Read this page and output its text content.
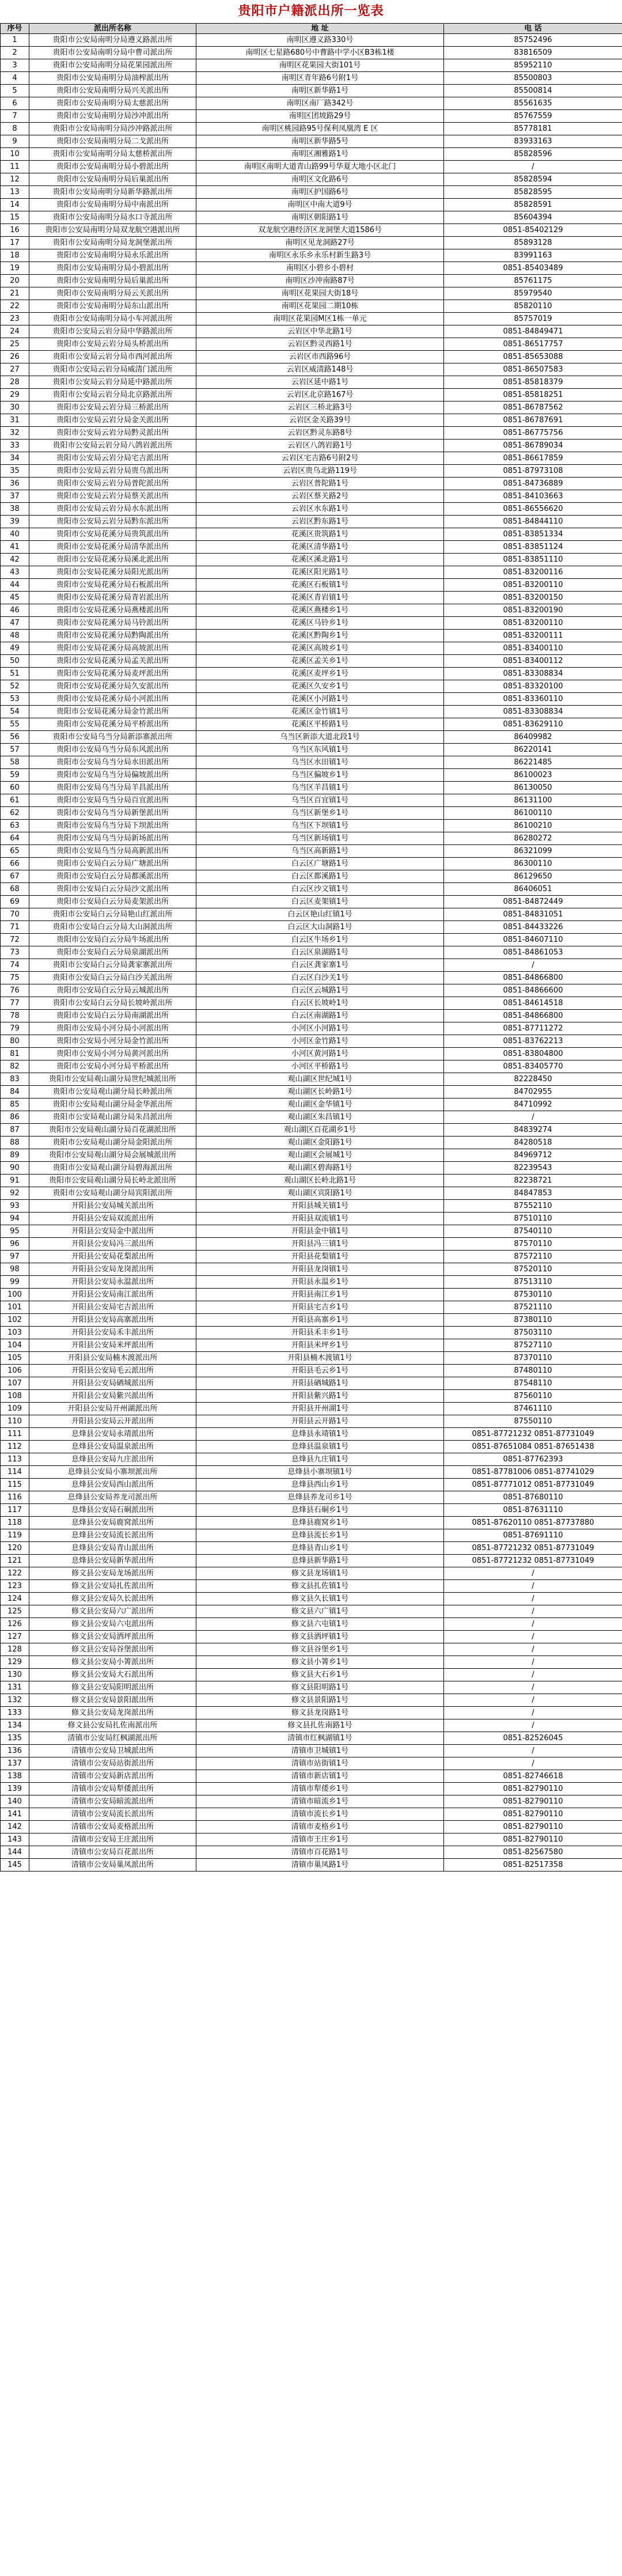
贵阳市户籍派出所一览表
序号	派出所名称	地 址	电 话
1	贵阳市公安局南明分局遵义路派出所	南明区遵义路330号	85752496
2	贵阳市公安局南明分局中曹司派出所	南明区七星路680号中曹路中学小区B3栋1楼	83816509
3	贵阳市公安局南明分局花果园派出所	南明区花果园大街101号	85952110
4	贵阳市公安局南明分局油榨派出所	南明区青年路6号附1号	85500803
5	贵阳市公安局南明分局兴关派出所	南明区新华路1号	85500814
6	贵阳市公安局南明分局太慈派出所	南明区南厂路342号	85561635
7	贵阳市公安局南明分局沙冲派出所	南明区团坡路29号	85767559
8	贵阳市公安局南明分局沙冲路派出所	南明区桃园路95号保利凤凰湾 E 区	85778181
9	贵阳市公安局南明分局二戈派出所	南明区新华路5号	83933163
10	贵阳市公安局南明分局太慈桥派出所	南明区湘雅路1号	85828596
11	贵阳市公安局南明分局小碧派出所	南明区南明大道青山路99号华夏大地小区北门	/
12	贵阳市公安局南明分局后巢派出所	南明区文化路6号	85828594
13	贵阳市公安局南明分局新华路派出所	南明区护国路6号	85828595
14	贵阳市公安局南明分局中南派出所	南明区中南大道9号	85828591
15	贵阳市公安局南明分局水口寺派出所	南明区朝阳路1号	85604394
16	贵阳市公安局南明分局双龙航空港派出所	双龙航空港经济区龙洞堡大道1586号	0851-85402129
17	贵阳市公安局南明分局龙洞堡派出所	南明区见龙洞路27号	85893128
18	贵阳市公安局南明分局永乐派出所	南明区永乐乡永乐村新生路3号	83991163
19	贵阳市公安局南明分局小碧派出所	南明区小碧乡小碧村	0851-85403489
20	贵阳市公安局南明分局后巢派出所	南明区沙冲南路87号	85761175
21	贵阳市公安局南明分局云关派出所	南明区花果园大街18号	85979540
22	贵阳市公安局南明分局东山派出所	南明区花果园二期10栋	85820110
23	贵阳市公安局南明分局小车河派出所	南明区花果园M区1栋一单元	85757019
24	贵阳市公安局云岩分局中华路派出所	云岩区中华北路1号	0851-84849471
25	贵阳市公安局云岩分局头桥派出所	云岩区黔灵西路1号	0851-86517757
26	贵阳市公安局云岩分局市西河派出所	云岩区市西路96号	0851-85653088
27	贵阳市公安局云岩分局威清门派出所	云岩区威清路148号	0851-86507583
28	贵阳市公安局云岩分局延中路派出所	云岩区延中路1号	0851-85818379
29	贵阳市公安局云岩分局北京路派出所	云岩区北京路167号	0851-85818251
30	贵阳市公安局云岩分局三桥派出所	云岩区三桥北路3号	0851-86787562
31	贵阳市公安局云岩分局金关派出所	云岩区金关路39号	0851-86787691
32	贵阳市公安局云岩分局黔灵派出所	云岩区黔灵东路8号	0851-86775756
33	贵阳市公安局云岩分局八鸽岩派出所	云岩区八鸽岩路1号	0851-86789034
34	贵阳市公安局云岩分局宅吉派出所	云岩区宅吉路6号附2号	0851-86617859
35	贵阳市公安局云岩分局贵乌派出所	云岩区贵乌北路119号	0851-87973108
36	贵阳市公安局云岩分局普陀派出所	云岩区普陀路1号	0851-84736889
37	贵阳市公安局云岩分局蔡关派出所	云岩区蔡关路2号	0851-84103663
38	贵阳市公安局云岩分局水东派出所	云岩区水东路1号	0851-86556620
39	贵阳市公安局云岩分局黔东派出所	云岩区黔东路1号	0851-84844110
40	贵阳市公安局花溪分局贵筑派出所	花溪区贵筑路1号	0851-83851334
41	贵阳市公安局花溪分局清华派出所	花溪区清华路1号	0851-83851124
42	贵阳市公安局花溪分局溪北派出所	花溪区溪北路1号	0851-83851110
43	贵阳市公安局花溪分局阳光派出所	花溪区阳光路1号	0851-83200116
44	贵阳市公安局花溪分局石板派出所	花溪区石板镇1号	0851-83200110
45	贵阳市公安局花溪分局青岩派出所	花溪区青岩镇1号	0851-83200150
46	贵阳市公安局花溪分局燕楼派出所	花溪区燕楼乡1号	0851-83200190
47	贵阳市公安局花溪分局马铃派出所	花溪区马铃乡1号	0851-83200110
48	贵阳市公安局花溪分局黔陶派出所	花溪区黔陶乡1号	0851-83200111
49	贵阳市公安局花溪分局高坡派出所	花溪区高坡乡1号	0851-83400110
50	贵阳市公安局花溪分局孟关派出所	花溪区孟关乡1号	0851-83400112
51	贵阳市公安局花溪分局麦坪派出所	花溪区麦坪乡1号	0851-83308834
52	贵阳市公安局花溪分局久安派出所	花溪区久安乡1号	0851-83320100
53	贵阳市公安局花溪分局小河派出所	花溪区小河路1号	0851-83360110
54	贵阳市公安局花溪分局金竹派出所	花溪区金竹镇1号	0851-83308834
55	贵阳市公安局花溪分局平桥派出所	花溪区平桥路1号	0851-83629110
56	贵阳市公安局乌当分局新添寨派出所	乌当区新添大道北段1号	86409982
57	贵阳市公安局乌当分局东风派出所	乌当区东风镇1号	86220141
58	贵阳市公安局乌当分局水田派出所	乌当区水田镇1号	86221485
59	贵阳市公安局乌当分局偏坡派出所	乌当区偏坡乡1号	86100023
60	贵阳市公安局乌当分局羊昌派出所	乌当区羊昌镇1号	86130050
61	贵阳市公安局乌当分局百宜派出所	乌当区百宜镇1号	86131100
62	贵阳市公安局乌当分局新堡派出所	乌当区新堡乡1号	86100110
63	贵阳市公安局乌当分局下坝派出所	乌当区下坝镇1号	86100210
64	贵阳市公安局乌当分局新场派出所	乌当区新场镇1号	86280272
65	贵阳市公安局乌当分局高新派出所	乌当区高新路1号	86321099
66	贵阳市公安局白云分局广塘派出所	白云区广塘路1号	86300110
67	贵阳市公安局白云分局都溪派出所	白云区都溪路1号	86129650
68	贵阳市公安局白云分局沙文派出所	白云区沙文镇1号	86406051
69	贵阳市公安局白云分局麦架派出所	白云区麦架镇1号	0851-84872449
70	贵阳市公安局白云分局艳山红派出所	白云区艳山红镇1号	0851-84831051
71	贵阳市公安局白云分局大山洞派出所	白云区大山洞路1号	0851-84433226
72	贵阳市公安局白云分局牛场派出所	白云区牛场乡1号	0851-84607110
73	贵阳市公安局白云分局泉湖派出所	白云区泉湖路1号	0851-84861053
74	贵阳市公安局白云分局龚家寨派出所	白云区龚家寨1号	/
75	贵阳市公安局白云分局白沙关派出所	白云区白沙关1号	0851-84866800
76	贵阳市公安局白云分局云城派出所	白云区云城路1号	0851-84866600
77	贵阳市公安局白云分局长坡岭派出所	白云区长坡岭1号	0851-84614518
78	贵阳市公安局白云分局南湖派出所	白云区南湖路1号	0851-84866800
79	贵阳市公安局小河分局小河派出所	小河区小河路1号	0851-87711272
80	贵阳市公安局小河分局金竹派出所	小河区金竹路1号	0851-83762213
81	贵阳市公安局小河分局黄河派出所	小河区黄河路1号	0851-83804800
82	贵阳市公安局小河分局平桥派出所	小河区平桥路1号	0851-83405770
83	贵阳市公安局观山湖分局世纪城派出所	观山湖区世纪城1号	82228450
84	贵阳市公安局观山湖分局长岭派出所	观山湖区长岭路1号	84702955
85	贵阳市公安局观山湖分局金华派出所	观山湖区金华镇1号	84710992
86	贵阳市公安局观山湖分局朱昌派出所	观山湖区朱昌镇1号	/
87	贵阳市公安局观山湖分局百花湖派出所	观山湖区百花湖乡1号	84839274
88	贵阳市公安局观山湖分局金阳派出所	观山湖区金阳路1号	84280518
89	贵阳市公安局观山湖分局会展城派出所	观山湖区会展城1号	84969712
90	贵阳市公安局观山湖分局碧海派出所	观山湖区碧海路1号	82239543
91	贵阳市公安局观山湖分局长岭北派出所	观山湖区长岭北路1号	82238721
92	贵阳市公安局观山湖分局宾阳派出所	观山湖区宾阳路1号	84847853
93	开阳县公安局城关派出所	开阳县城关镇1号	87552110
94	开阳县公安局双流派出所	开阳县双流镇1号	87510110
95	开阳县公安局金中派出所	开阳县金中镇1号	87540110
96	开阳县公安局冯三派出所	开阳县冯三镇1号	87570110
97	开阳县公安局花梨派出所	开阳县花梨镇1号	87572110
98	开阳县公安局龙岗派出所	开阳县龙岗镇1号	87520110
99	开阳县公安局永温派出所	开阳县永温乡1号	87513110
100	开阳县公安局南江派出所	开阳县南江乡1号	87530110
101	开阳县公安局宅吉派出所	开阳县宅吉乡1号	87521110
102	开阳县公安局高寨派出所	开阳县高寨乡1号	87380110
103	开阳县公安局禾丰派出所	开阳县禾丰乡1号	87503110
104	开阳县公安局米坪派出所	开阳县米坪乡1号	87527110
105	开阳县公安局楠木渡派出所	开阳县楠木渡镇1号	87370110
106	开阳县公安局毛云派出所	开阳县毛云乡1号	87480110
107	开阳县公安局硒城派出所	开阳县硒城路1号	87548110
108	开阳县公安局紫兴派出所	开阳县紫兴路1号	87560110
109	开阳县公安局开州湖派出所	开阳县开州湖1号	87461110
110	开阳县公安局云开派出所	开阳县云开路1号	87550110
111	息烽县公安局永靖派出所	息烽县永靖镇1号	0851-87721232 0851-87731049
112	息烽县公安局温泉派出所	息烽县温泉镇1号	0851-87651084 0851-87651438
113	息烽县公安局九庄派出所	息烽县九庄镇1号	0851-87762393
114	息烽县公安局小寨坝派出所	息烽县小寨坝镇1号	0851-87781006 0851-87741029
115	息烽县公安局西山派出所	息烽县西山乡1号	0851-87771012 0851-87731049
116	息烽县公安局养龙司派出所	息烽县养龙司乡1号	0851-87680110
117	息烽县公安局石硐派出所	息烽县石硐乡1号	0851-87631110
118	息烽县公安局鹿窝派出所	息烽县鹿窝乡1号	0851-87620110 0851-87737880
119	息烽县公安局流长派出所	息烽县流长乡1号	0851-87691110
120	息烽县公安局青山派出所	息烽县青山乡1号	0851-87721232 0851-87731049
121	息烽县公安局新华派出所	息烽县新华路1号	0851-87721232 0851-87731049
122	修文县公安局龙场派出所	修文县龙场镇1号	/
123	修文县公安局扎佐派出所	修文县扎佐镇1号	/
124	修文县公安局久长派出所	修文县久长镇1号	/
125	修文县公安局六广派出所	修文县六广镇1号	/
126	修文县公安局六屯派出所	修文县六屯镇1号	/
127	修文县公安局洒坪派出所	修文县洒坪镇1号	/
128	修文县公安局谷堡派出所	修文县谷堡乡1号	/
129	修文县公安局小箐派出所	修文县小箐乡1号	/
130	修文县公安局大石派出所	修文县大石乡1号	/
131	修文县公安局阳明派出所	修文县阳明路1号	/
132	修文县公安局景阳派出所	修文县景阳路1号	/
133	修文县公安局龙岗派出所	修文县龙岗路1号	/
134	修文县公安局扎佐南派出所	修文县扎佐南路1号	/
135	清镇市公安局红枫湖派出所	清镇市红枫湖镇1号	0851-82526045
136	清镇市公安局卫城派出所	清镇市卫城镇1号	/
137	清镇市公安局站街派出所	清镇市站街镇1号	/
138	清镇市公安局新店派出所	清镇市新店镇1号	0851-82746618
139	清镇市公安局犁倭派出所	清镇市犁倭乡1号	0851-82790110
140	清镇市公安局暗流派出所	清镇市暗流乡1号	0851-82790110
141	清镇市公安局流长派出所	清镇市流长乡1号	0851-82790110
142	清镇市公安局麦格派出所	清镇市麦格乡1号	0851-82790110
143	清镇市公安局王庄派出所	清镇市王庄乡1号	0851-82790110
144	清镇市公安局百花派出所	清镇市百花路1号	0851-82567580
145	清镇市公安局巢凤派出所	清镇市巢凤路1号	0851-82517358
